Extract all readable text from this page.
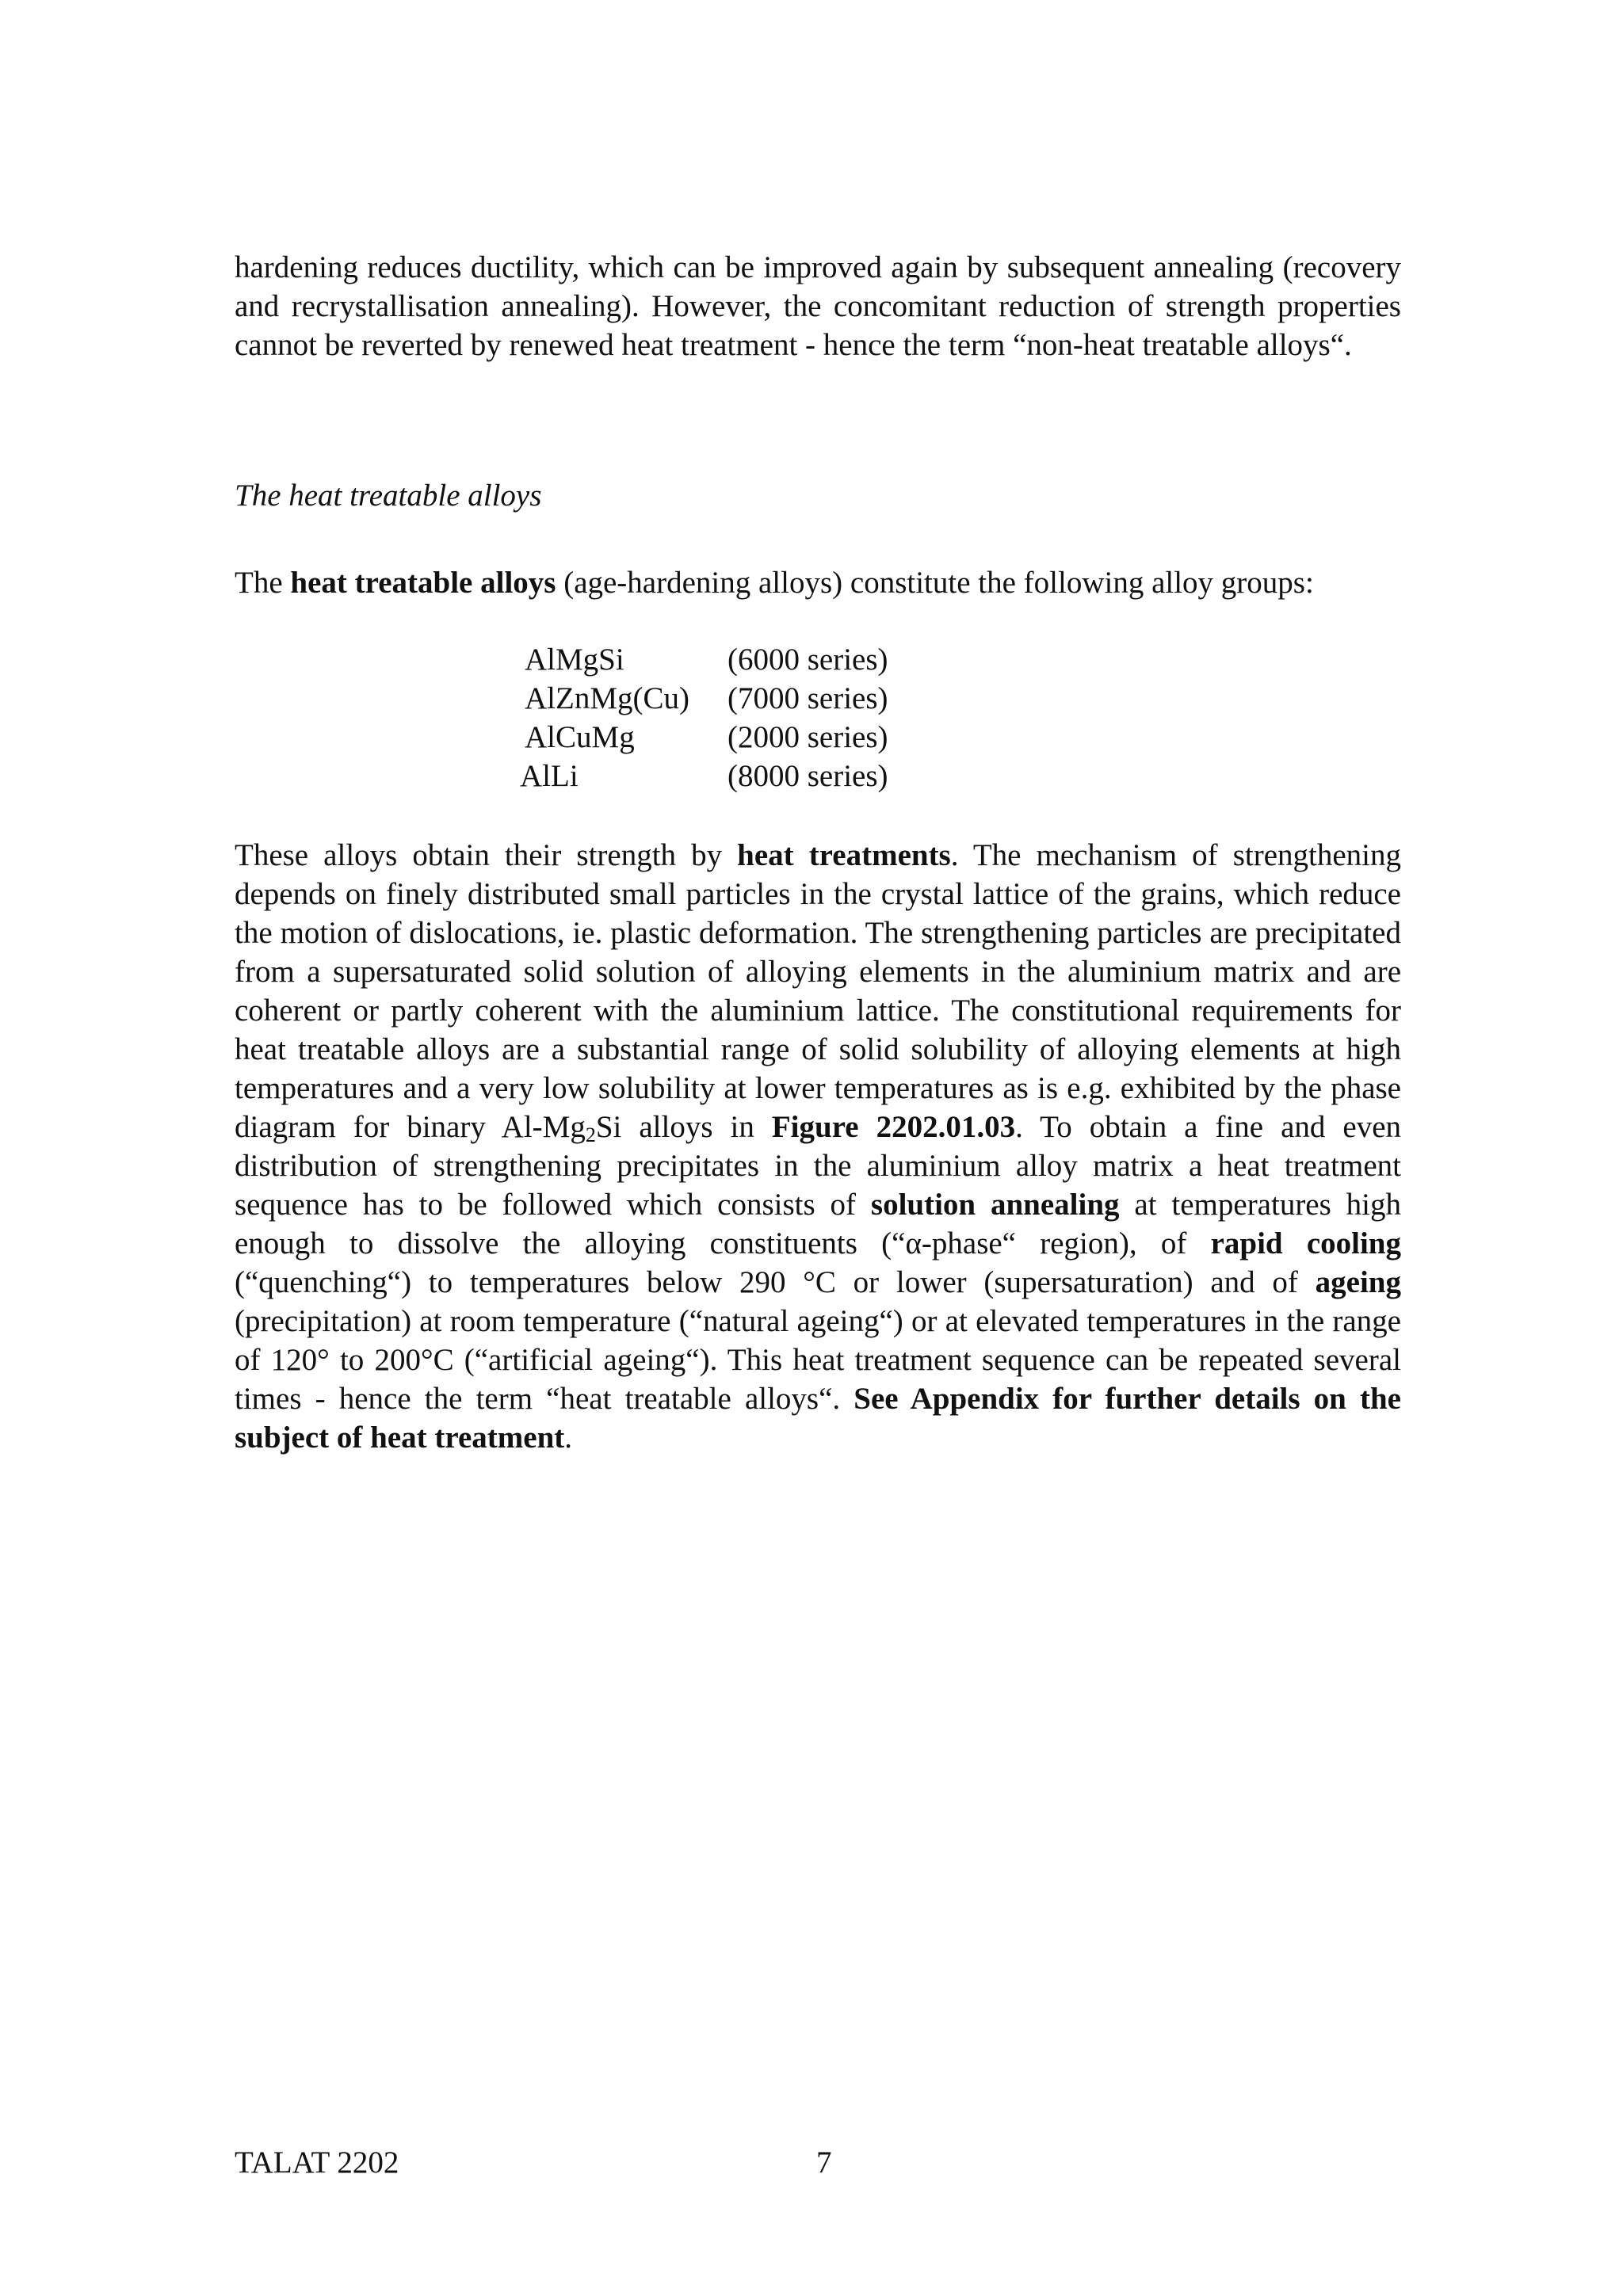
hardening reduces ductility, which can be improved again by subsequent annealing (recovery and recrystallisation annealing). However, the concomitant reduction of strength properties cannot be reverted by renewed heat treatment - hence the term “non-heat treatable alloys“.

The heat treatable alloys

The heat treatable alloys (age-hardening alloys) constitute the following alloy groups:

AlMgSi	(6000 series)
AlZnMg(Cu)	(7000 series)
AlCuMg	(2000 series)
AlLi	(8000 series)

These alloys obtain their strength by heat treatments. The mechanism of strengthening depends on finely distributed small particles in the crystal lattice of the grains, which reduce the motion of dislocations, ie. plastic deformation. The strengthening particles are precipitated from a supersaturated solid solution of alloying elements in the aluminium matrix and are coherent or partly coherent with the aluminium lattice. The constitutional requirements for heat treatable alloys are a substantial range of solid solubility of alloying elements at high temperatures and a very low solubility at lower temperatures as is e.g. exhibited by the phase diagram for binary $Al-Mg_2Si$ alloys in Figure 2202.01.03. To obtain a fine and even distribution of strengthening precipitates in the aluminium alloy matrix a heat treatment sequence has to be followed which consists of solution annealing at temperatures high enough to dissolve the alloying constituents (“α-phase“ region), of rapid cooling (“quenching“) to temperatures below 290 °C or lower (supersaturation) and of ageing (precipitation) at room temperature (“natural ageing“) or at elevated temperatures in the range of 120° to 200°C (“artificial ageing“). This heat treatment sequence can be repeated several times - hence the term “heat treatable alloys“. See Appendix for further details on the subject of heat treatment.

TALAT 2202	7
